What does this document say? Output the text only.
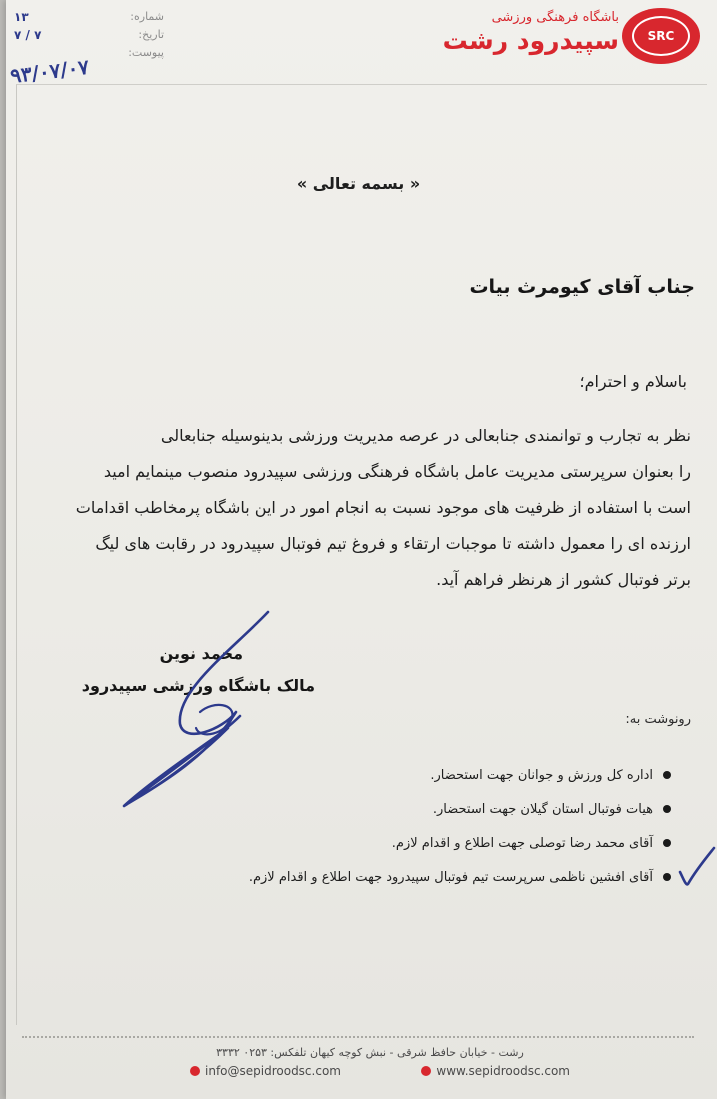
SRC
باشگاه فرهنگی ورزشی
سپیدرود رشت
۱۳	شماره:
۷ / ۷	تاریخ:
پیوست:
۹۳/۰۷/۰۷
« بسمه تعالی »
جناب آقای کیومرث بیات
باسلام و احترام؛
نظر به تجارب و توانمندی جنابعالی در عرصه مدیریت ورزشی بدینوسیله جنابعالی
را بعنوان سرپرستی مدیریت عامل باشگاه فرهنگی ورزشی سپیدرود منصوب مینمایم امید
است با استفاده از ظرفیت های موجود نسبت به انجام امور در این باشگاه پرمخاطب اقدامات
ارزنده ای را معمول داشته تا موجبات ارتقاء و فروغ تیم فوتبال سپیدرود در رقابت های لیگ
برتر فوتبال کشور از هرنظر فراهم آید.
محمد نوین
مالک باشگاه ورزشی سپیدرود
رونوشت به:
اداره کل ورزش و جوانان جهت استحضار.
هیات فوتبال استان گیلان جهت استحضار.
آقای محمد رضا توصلی جهت اطلاع و اقدام لازم.
آقای افشین ناظمی سرپرست تیم فوتبال سپیدرود جهت اطلاع و اقدام لازم.
رشت - خیابان حافظ شرقی - نبش کوچه کیهان تلفکس: ۰۲۵۳ ۳۳۳۲
info@sepidroodsc.com	www.sepidroodsc.com
